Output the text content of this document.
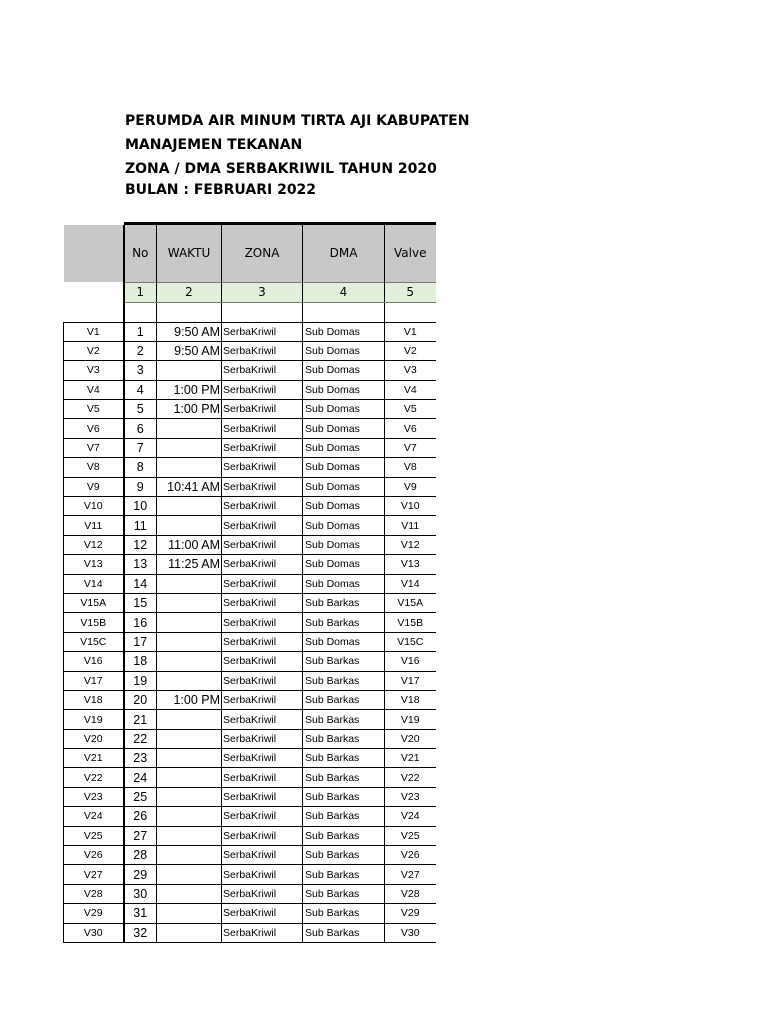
PERUMDA AIR MINUM TIRTA AJI KABUPATEN
MANAJEMEN TEKANAN
ZONA / DMA SERBAKRIWIL TAHUN 2020
BULAN : FEBRUARI 2022

	No	WAKTU	ZONA	DMA	Valve
	1	2	3	4	5

V1	1	9:50 AM	SerbaKriwil	Sub Domas	V1
V2	2	9:50 AM	SerbaKriwil	Sub Domas	V2
V3	3		SerbaKriwil	Sub Domas	V3
V4	4	1:00 PM	SerbaKriwil	Sub Domas	V4
V5	5	1:00 PM	SerbaKriwil	Sub Domas	V5
V6	6		SerbaKriwil	Sub Domas	V6
V7	7		SerbaKriwil	Sub Domas	V7
V8	8		SerbaKriwil	Sub Domas	V8
V9	9	10:41 AM	SerbaKriwil	Sub Domas	V9
V10	10		SerbaKriwil	Sub Domas	V10
V11	11		SerbaKriwil	Sub Domas	V11
V12	12	11:00 AM	SerbaKriwil	Sub Domas	V12
V13	13	11:25 AM	SerbaKriwil	Sub Domas	V13
V14	14		SerbaKriwil	Sub Domas	V14
V15A	15		SerbaKriwil	Sub Barkas	V15A
V15B	16		SerbaKriwil	Sub Barkas	V15B
V15C	17		SerbaKriwil	Sub Domas	V15C
V16	18		SerbaKriwil	Sub Barkas	V16
V17	19		SerbaKriwil	Sub Barkas	V17
V18	20	1:00 PM	SerbaKriwil	Sub Barkas	V18
V19	21		SerbaKriwil	Sub Barkas	V19
V20	22		SerbaKriwil	Sub Barkas	V20
V21	23		SerbaKriwil	Sub Barkas	V21
V22	24		SerbaKriwil	Sub Barkas	V22
V23	25		SerbaKriwil	Sub Barkas	V23
V24	26		SerbaKriwil	Sub Barkas	V24
V25	27		SerbaKriwil	Sub Barkas	V25
V26	28		SerbaKriwil	Sub Barkas	V26
V27	29		SerbaKriwil	Sub Barkas	V27
V28	30		SerbaKriwil	Sub Barkas	V28
V29	31		SerbaKriwil	Sub Barkas	V29
V30	32		SerbaKriwil	Sub Barkas	V30
